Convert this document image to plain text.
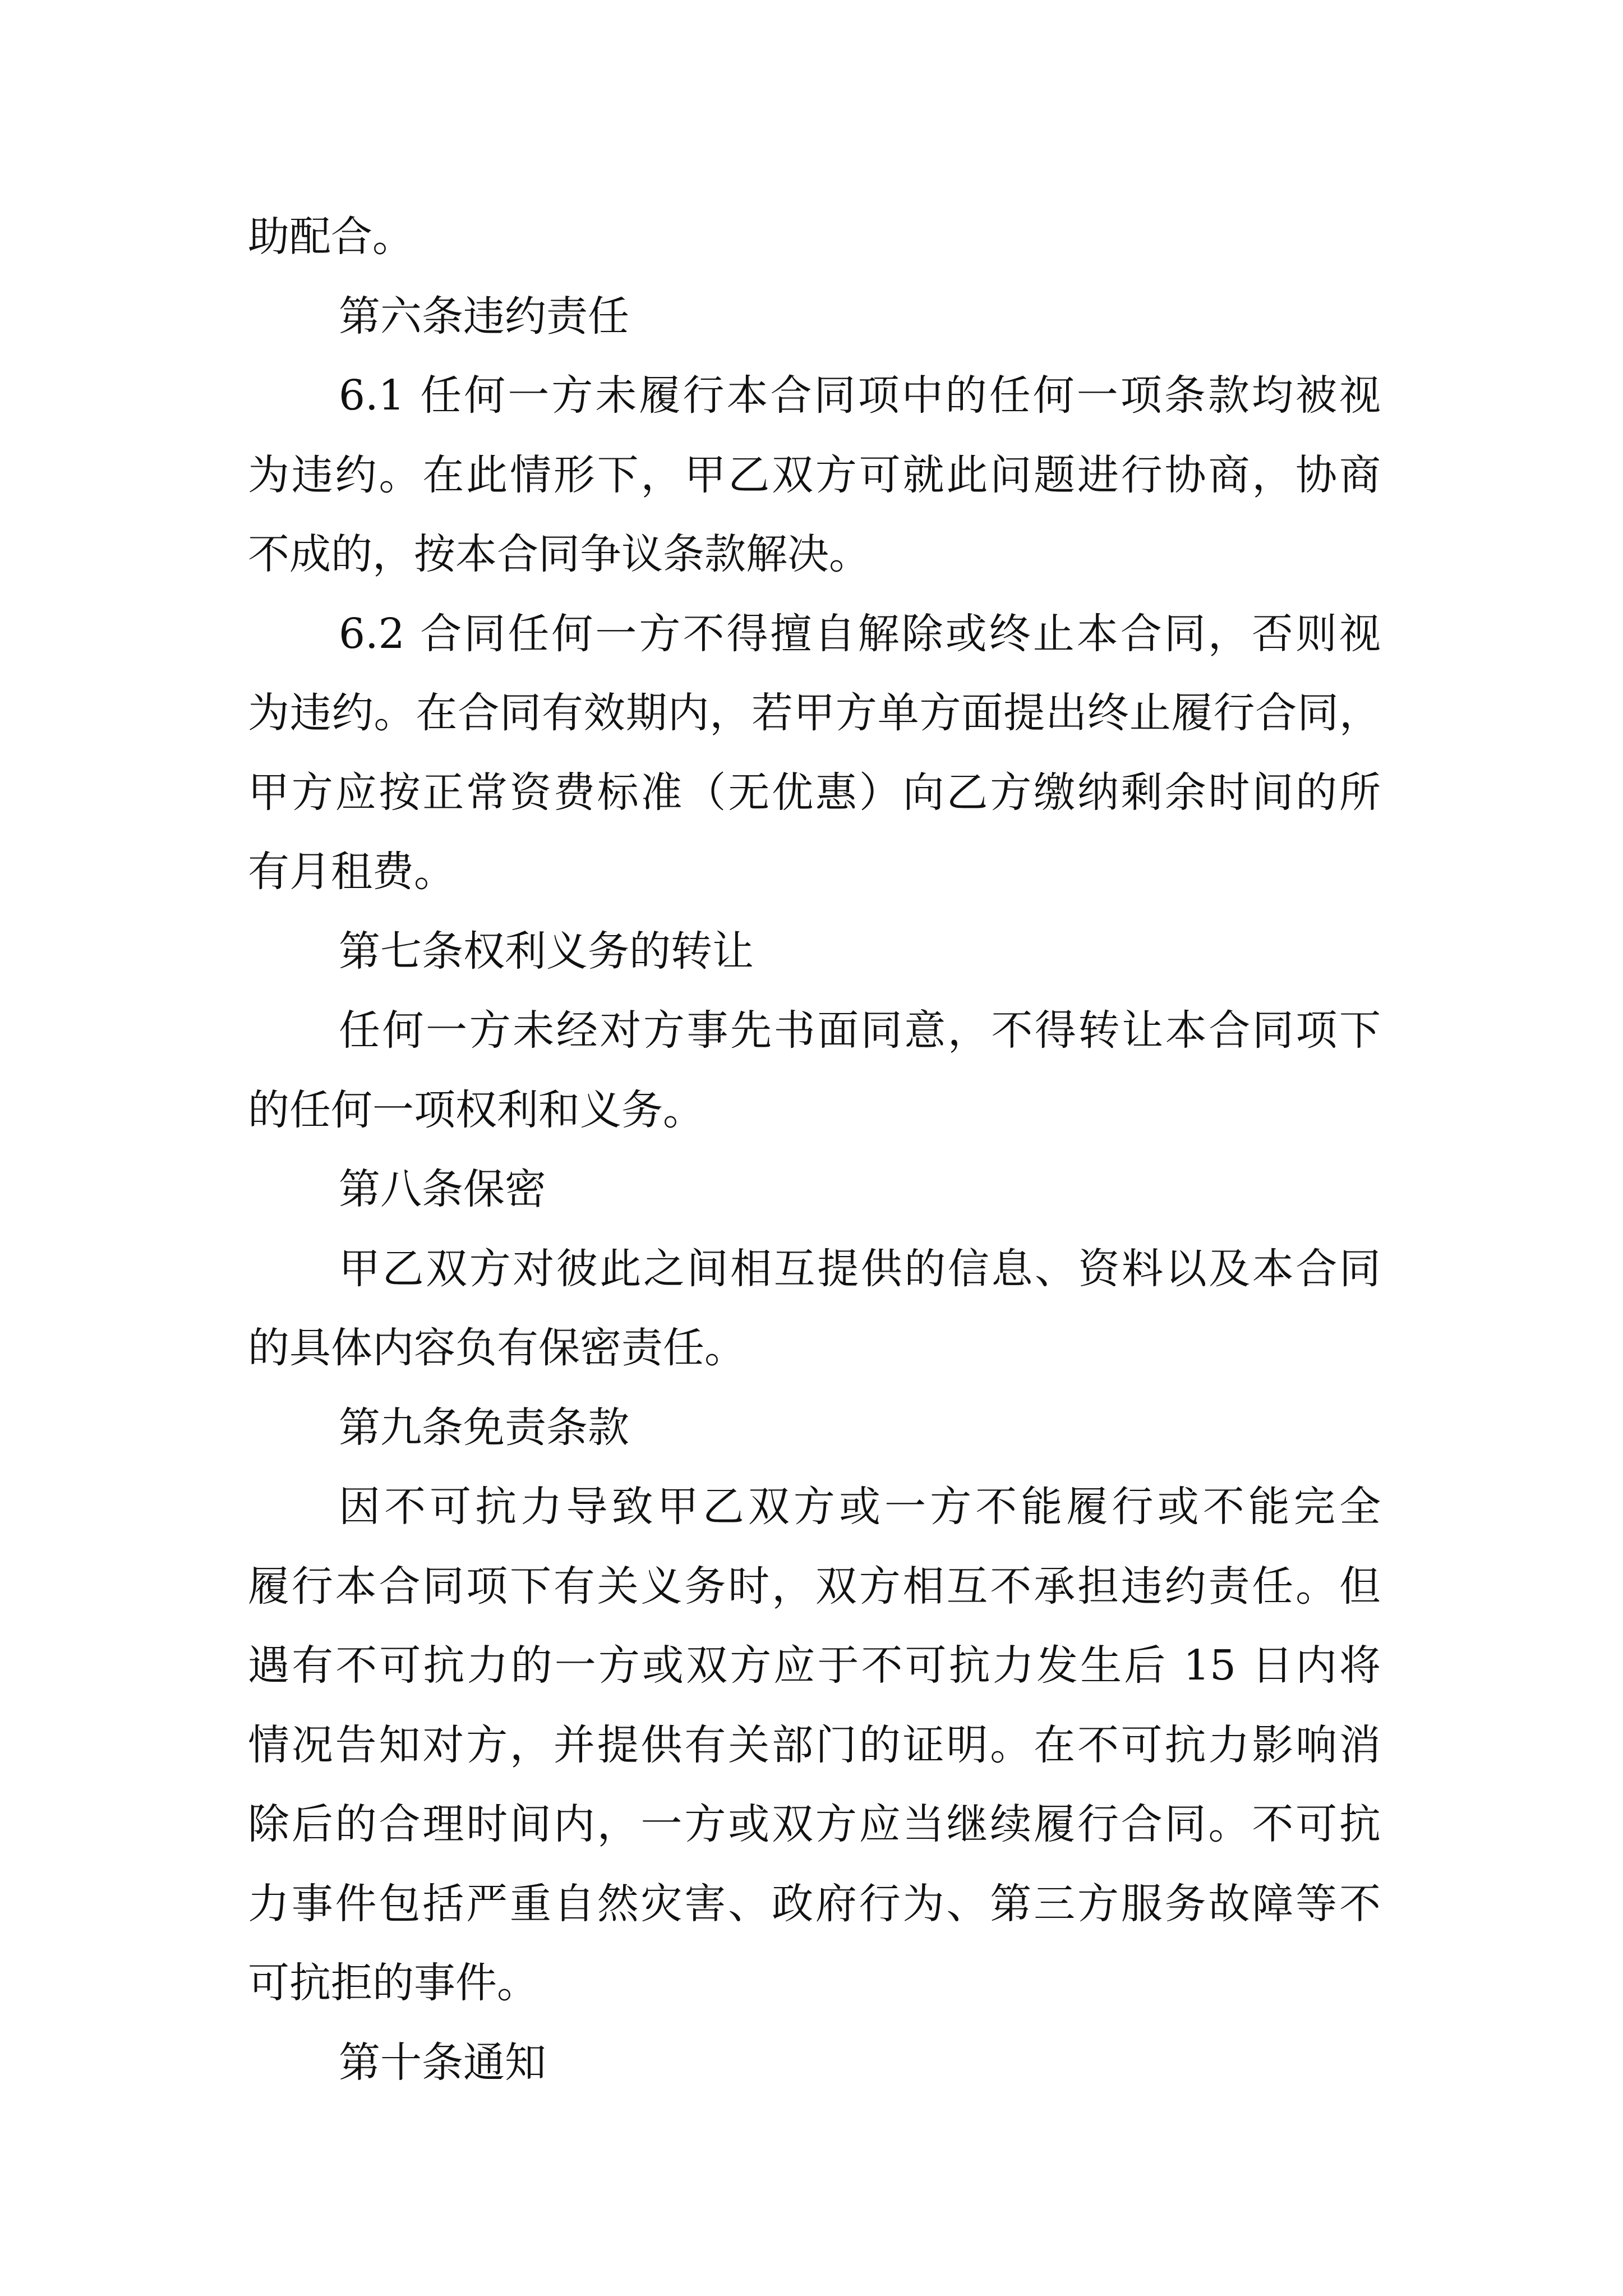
助配合。
第六条违约责任
6.1 任何一方未履行本合同项中的任何一项条款均被视
为违约。在此情形下，甲乙双方可就此问题进行协商，协商
不成的，按本合同争议条款解决。
6.2 合同任何一方不得擅自解除或终止本合同，否则视
为违约。在合同有效期内，若甲方单方面提出终止履行合同，
甲方应按正常资费标准（无优惠）向乙方缴纳剩余时间的所
有月租费。
第七条权利义务的转让
任何一方未经对方事先书面同意，不得转让本合同项下
的任何一项权利和义务。
第八条保密
甲乙双方对彼此之间相互提供的信息、资料以及本合同
的具体内容负有保密责任。
第九条免责条款
因不可抗力导致甲乙双方或一方不能履行或不能完全
履行本合同项下有关义务时，双方相互不承担违约责任。但
遇有不可抗力的一方或双方应于不可抗力发生后 15 日内将
情况告知对方，并提供有关部门的证明。在不可抗力影响消
除后的合理时间内，一方或双方应当继续履行合同。不可抗
力事件包括严重自然灾害、政府行为、第三方服务故障等不
可抗拒的事件。
第十条通知
